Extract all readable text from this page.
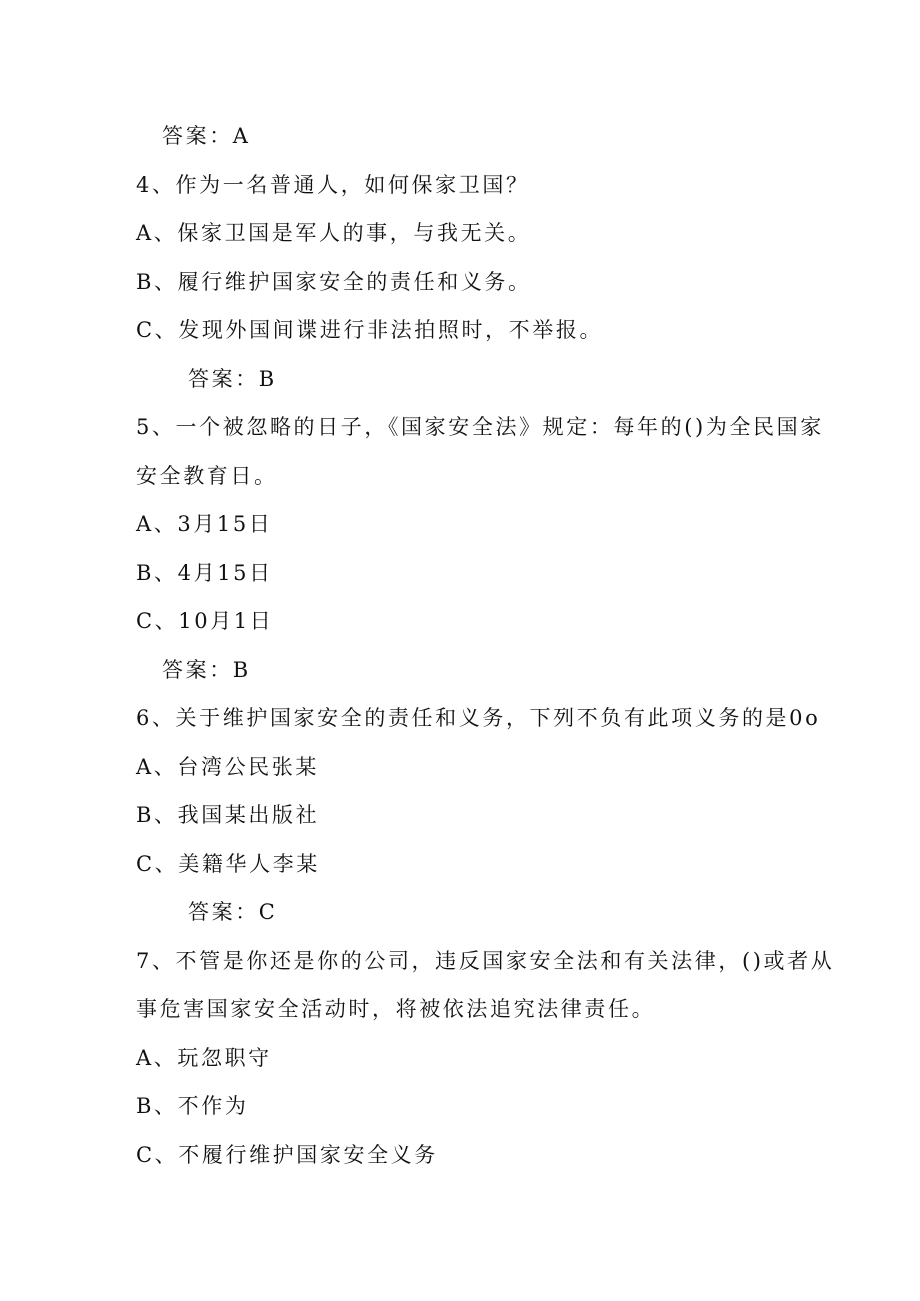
答案：A
4、作为一名普通人，如何保家卫国？
A、保家卫国是军人的事，与我无关。
B、履行维护国家安全的责任和义务。
C、发现外国间谍进行非法拍照时，不举报。
答案：B
5、一个被忽略的日子，《国家安全法》规定：每年的()为全民国家
安全教育日。
A、3月15日
B、4月15日
C、10月1日
答案：B
6、关于维护国家安全的责任和义务，下列不负有此项义务的是0o
A、台湾公民张某
B、我国某出版社
C、美籍华人李某
答案：C
7、不管是你还是你的公司，违反国家安全法和有关法律，()或者从
事危害国家安全活动时，将被依法追究法律责任。
A、玩忽职守
B、不作为
C、不履行维护国家安全义务
